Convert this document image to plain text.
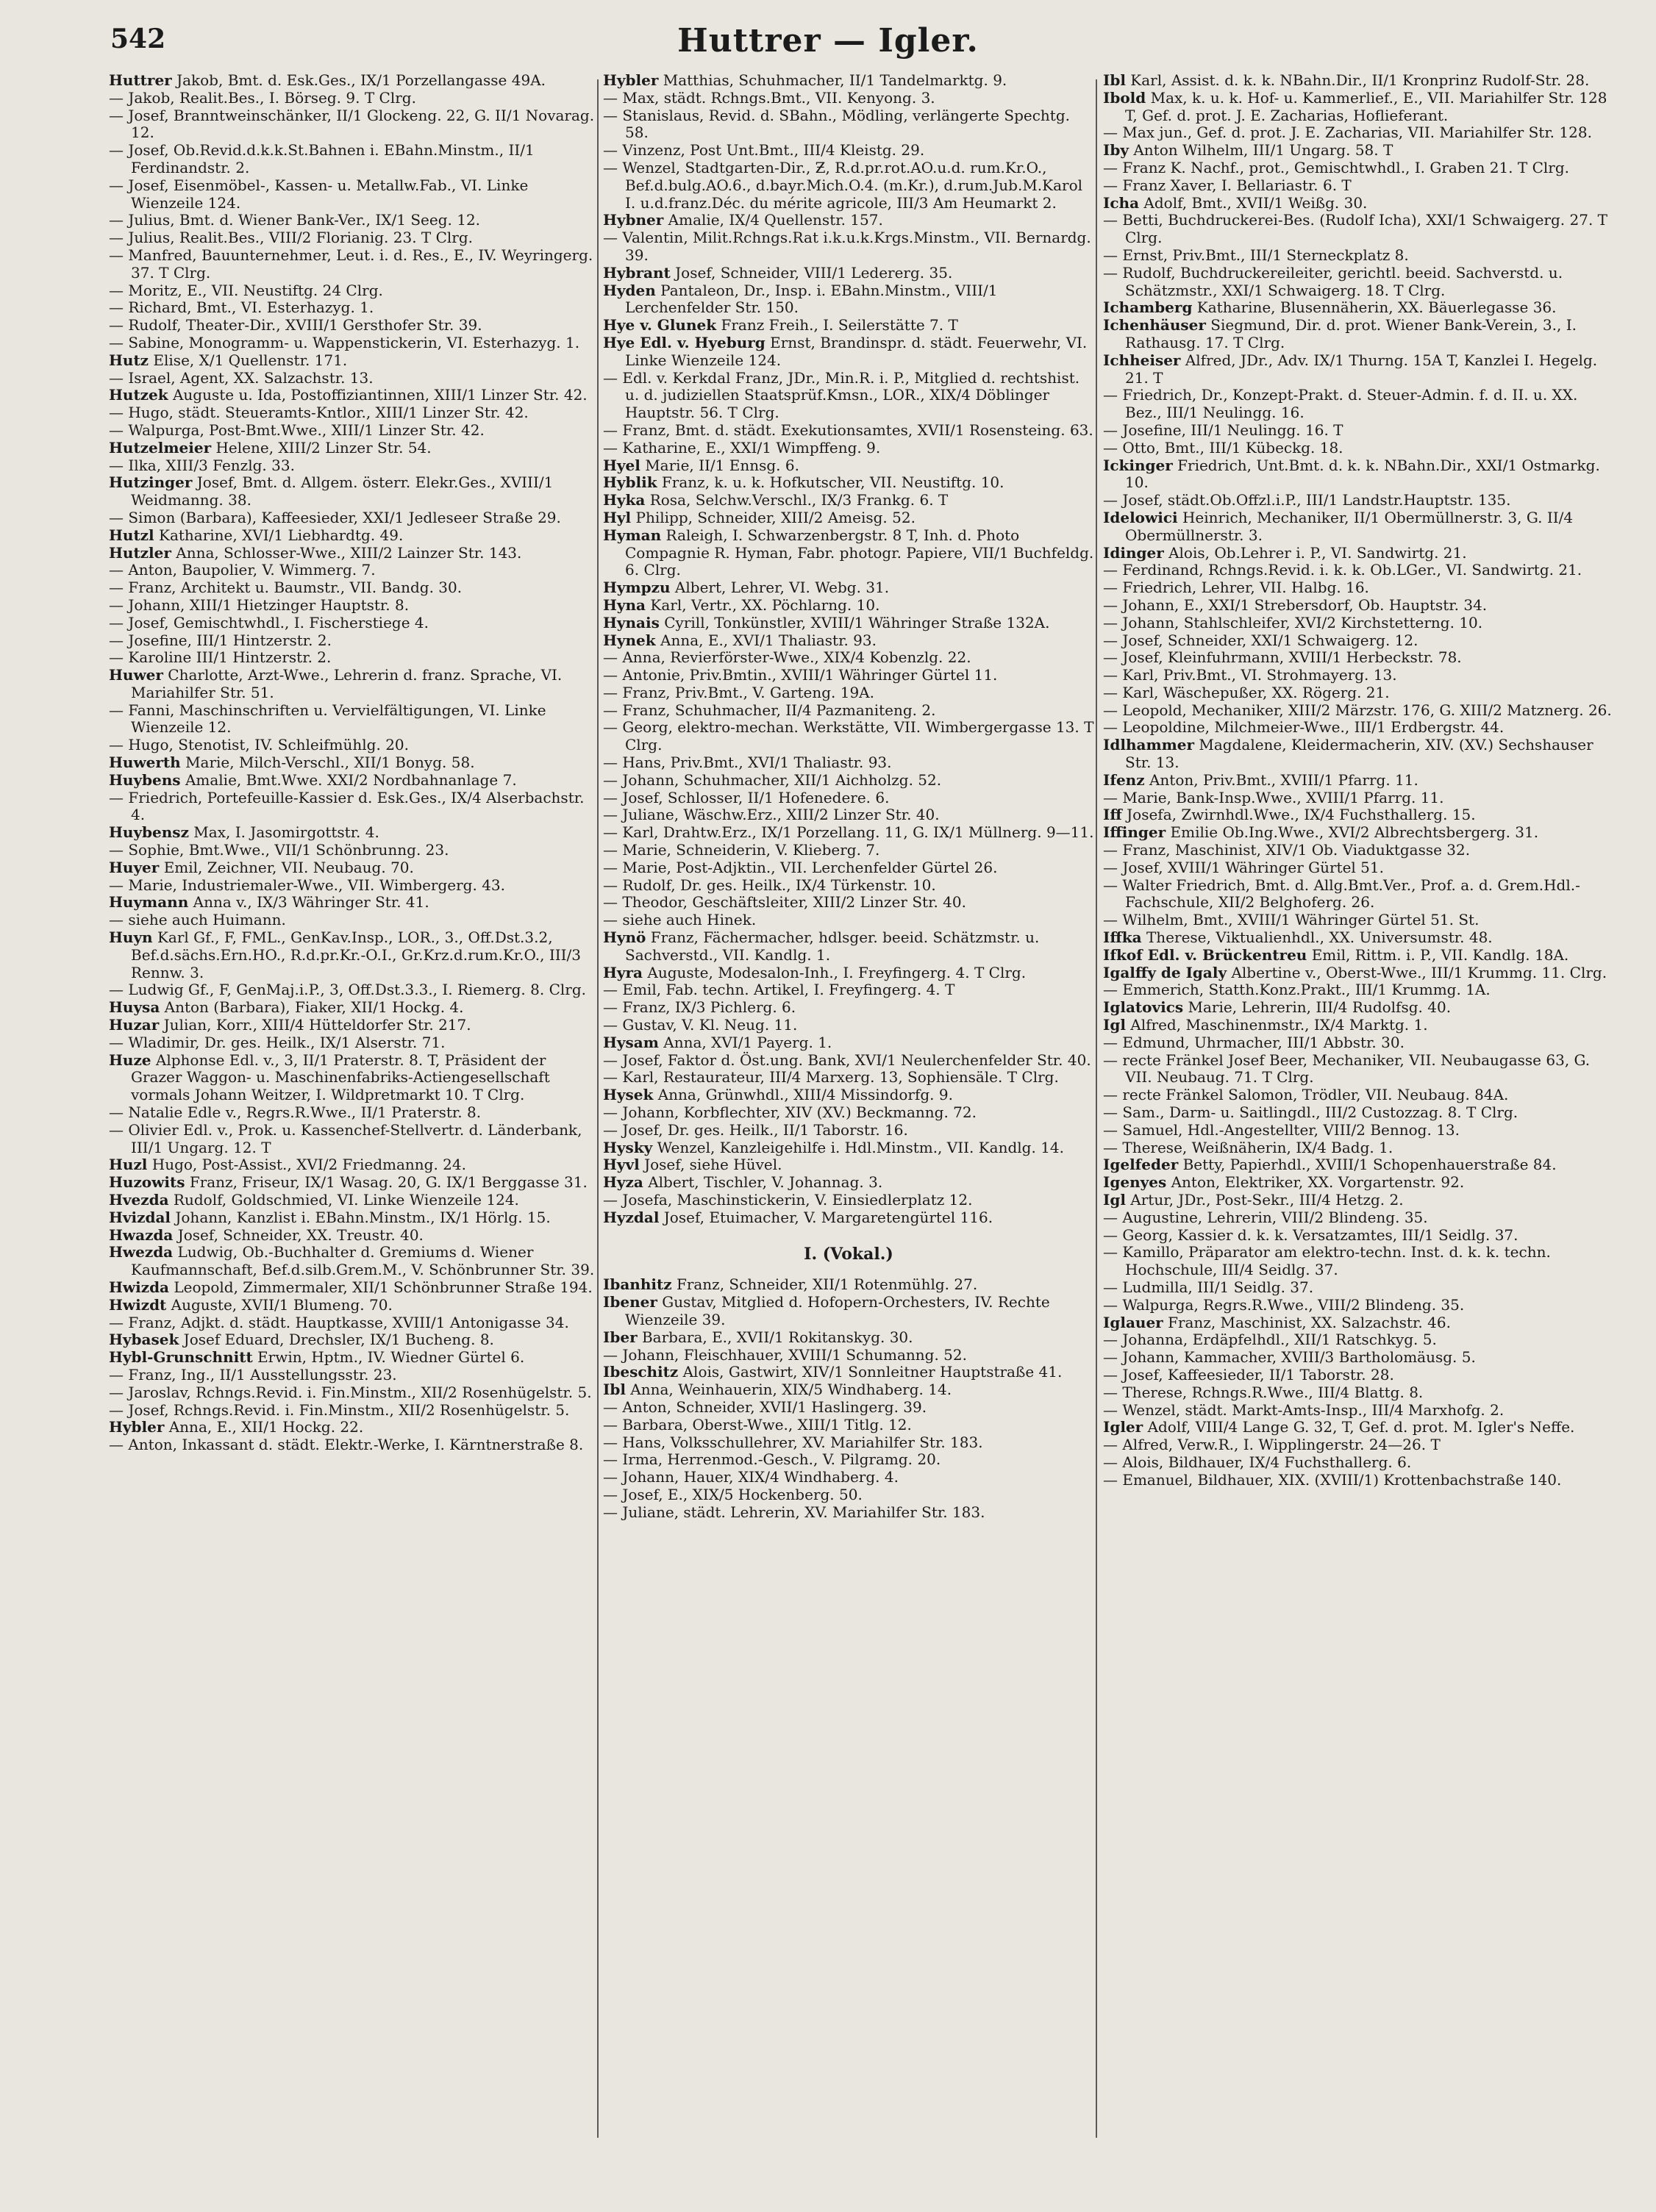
542	Huttrer — Igler.

Huttrer Jakob, Bmt. d. Esk.Ges., IX/1 Porzellangasse 49A.

— Jakob, Realit.Bes., I. Börseg. 9. T Clrg.

— Josef, Branntweinschänker, II/1 Glockeng. 22, G. II/1 Novarag. 12.

— Josef, Ob.Revid.d.k.k.St.Bahnen i. EBahn.Minstm., II/1 Ferdinandstr. 2.

— Josef, Eisenmöbel-, Kassen- u. Metallw.Fab., VI. Linke Wienzeile 124.

— Julius, Bmt. d. Wiener Bank-Ver., IX/1 Seeg. 12.

— Julius, Realit.Bes., VIII/2 Florianig. 23. T Clrg.

— Manfred, Bauunternehmer, Leut. i. d. Res., E., IV. Weyringerg. 37. T Clrg.

— Moritz, E., VII. Neustiftg. 24 Clrg.

— Richard, Bmt., VI. Esterhazyg. 1.

— Rudolf, Theater-Dir., XVIII/1 Gersthofer Str. 39.

— Sabine, Monogramm- u. Wappenstickerin, VI. Esterhazyg. 1.

Hutz Elise, X/1 Quellenstr. 171.

— Israel, Agent, XX. Salzachstr. 13.

Hutzek Auguste u. Ida, Postoffiziantinnen, XIII/1 Linzer Str. 42.

— Hugo, städt. Steueramts-Kntlor., XIII/1 Linzer Str. 42.

— Walpurga, Post-Bmt.Wwe., XIII/1 Linzer Str. 42.

Hutzelmeier Helene, XIII/2 Linzer Str. 54.

— Ilka, XIII/3 Fenzlg. 33.

Hutzinger Josef, Bmt. d. Allgem. österr. Elekr.Ges., XVIII/1 Weidmanng. 38.

— Simon (Barbara), Kaffeesieder, XXI/1 Jedleseer Straße 29.

Hutzl Katharine, XVI/1 Liebhardtg. 49.

Hutzler Anna, Schlosser-Wwe., XIII/2 Lainzer Str. 143.

— Anton, Baupolier, V. Wimmerg. 7.

— Franz, Architekt u. Baumstr., VII. Bandg. 30.

— Johann, XIII/1 Hietzinger Hauptstr. 8.

— Josef, Gemischtwhdl., I. Fischerstiege 4.

— Josefine, III/1 Hintzerstr. 2.

— Karoline III/1 Hintzerstr. 2.

Huwer Charlotte, Arzt-Wwe., Lehrerin d. franz. Sprache, VI. Mariahilfer Str. 51.

— Fanni, Maschinschriften u. Vervielfältigungen, VI. Linke Wienzeile 12.

— Hugo, Stenotist, IV. Schleifmühlg. 20.

Huwerth Marie, Milch-Verschl., XII/1 Bonyg. 58.

Huybens Amalie, Bmt.Wwe. XXI/2 Nordbahnanlage 7.

— Friedrich, Portefeuille-Kassier d. Esk.Ges., IX/4 Alserbachstr. 4.

Huybensz Max, I. Jasomirgottstr. 4.

— Sophie, Bmt.Wwe., VII/1 Schönbrunng. 23.

Huyer Emil, Zeichner, VII. Neubaug. 70.

— Marie, Industriemaler-Wwe., VII. Wimbergerg. 43.

Huymann Anna v., IX/3 Währinger Str. 41.

— siehe auch Huimann.

Huyn Karl Gf., F, FML., GenKav.Insp., LOR., 3., Off.Dst.3.2, Bef.d.sächs.Ern.HO., R.d.pr.Kr.-O.I., Gr.Krz.d.rum.Kr.O., III/3 Rennw. 3.

— Ludwig Gf., F, GenMaj.i.P., 3, Off.Dst.3.3., I. Riemerg. 8. Clrg.

Huysa Anton (Barbara), Fiaker, XII/1 Hockg. 4.

Huzar Julian, Korr., XIII/4 Hütteldorfer Str. 217.

— Wladimir, Dr. ges. Heilk., IX/1 Alserstr. 71.

Huze Alphonse Edl. v., 3, II/1 Praterstr. 8. T, Präsident der Grazer Waggon- u. Maschinenfabriks-Actiengesellschaft vormals Johann Weitzer, I. Wildpretmarkt 10. T Clrg.

— Natalie Edle v., Regrs.R.Wwe., II/1 Praterstr. 8.

— Olivier Edl. v., Prok. u. Kassenchef-Stellvertr. d. Länderbank, III/1 Ungarg. 12. T

Huzl Hugo, Post-Assist., XVI/2 Friedmanng. 24.

Huzowits Franz, Friseur, IX/1 Wasag. 20, G. IX/1 Berggasse 31.

Hvezda Rudolf, Goldschmied, VI. Linke Wienzeile 124.

Hvizdal Johann, Kanzlist i. EBahn.Minstm., IX/1 Hörlg. 15.

Hwazda Josef, Schneider, XX. Treustr. 40.

Hwezda Ludwig, Ob.-Buchhalter d. Gremiums d. Wiener Kaufmannschaft, Bef.d.silb.Grem.M., V. Schönbrunner Str. 39.

Hwizda Leopold, Zimmermaler, XII/1 Schönbrunner Straße 194.

Hwizdt Auguste, XVII/1 Blumeng. 70.

— Franz, Adjkt. d. städt. Hauptkasse, XVIII/1 Antonigasse 34.

Hybasek Josef Eduard, Drechsler, IX/1 Bucheng. 8.

Hybl-Grunschnitt Erwin, Hptm., IV. Wiedner Gürtel 6.

— Franz, Ing., II/1 Ausstellungsstr. 23.

— Jaroslav, Rchngs.Revid. i. Fin.Minstm., XII/2 Rosenhügelstr. 5.

— Josef, Rchngs.Revid. i. Fin.Minstm., XII/2 Rosenhügelstr. 5.

Hybler Anna, E., XII/1 Hockg. 22.

— Anton, Inkassant d. städt. Elektr.-Werke, I. Kärntnerstraße 8.

Hybler Matthias, Schuhmacher, II/1 Tandelmarktg. 9.

— Max, städt. Rchngs.Bmt., VII. Kenyong. 3.

— Stanislaus, Revid. d. SBahn., Mödling, verlängerte Spechtg. 58.

— Vinzenz, Post Unt.Bmt., III/4 Kleistg. 29.

— Wenzel, Stadtgarten-Dir., Ƶ, R.d.pr.rot.AO.u.d. rum.Kr.O., Bef.d.bulg.AO.6., d.bayr.Mich.O.4. (m.Kr.), d.rum.Jub.M.Karol I. u.d.franz.Déc. du mérite agricole, III/3 Am Heumarkt 2.

Hybner Amalie, IX/4 Quellenstr. 157.

— Valentin, Milit.Rchngs.Rat i.k.u.k.Krgs.Minstm., VII. Bernardg. 39.

Hybrant Josef, Schneider, VIII/1 Ledererg. 35.

Hyden Pantaleon, Dr., Insp. i. EBahn.Minstm., VIII/1 Lerchenfelder Str. 150.

Hye v. Glunek Franz Freih., I. Seilerstätte 7. T

Hye Edl. v. Hyeburg Ernst, Brandinspr. d. städt. Feuerwehr, VI. Linke Wienzeile 124.

— Edl. v. Kerkdal Franz, JDr., Min.R. i. P., Mitglied d. rechtshist. u. d. judiziellen Staatsprüf.Kmsn., LOR., XIX/4 Döblinger Hauptstr. 56. T Clrg.

— Franz, Bmt. d. städt. Exekutionsamtes, XVII/1 Rosensteing. 63.

— Katharine, E., XXI/1 Wimpffeng. 9.

Hyel Marie, II/1 Ennsg. 6.

Hyblik Franz, k. u. k. Hofkutscher, VII. Neustiftg. 10.

Hyka Rosa, Selchw.Verschl., IX/3 Frankg. 6. T

Hyl Philipp, Schneider, XIII/2 Ameisg. 52.

Hyman Raleigh, I. Schwarzenbergstr. 8 T, Inh. d. Photo Compagnie R. Hyman, Fabr. photogr. Papiere, VII/1 Buchfeldg. 6. Clrg.

Hympzu Albert, Lehrer, VI. Webg. 31.

Hyna Karl, Vertr., XX. Pöchlarng. 10.

Hynais Cyrill, Tonkünstler, XVIII/1 Währinger Straße 132A.

Hynek Anna, E., XVI/1 Thaliastr. 93.

— Anna, Revierförster-Wwe., XIX/4 Kobenzlg. 22.

— Antonie, Priv.Bmtin., XVIII/1 Währinger Gürtel 11.

— Franz, Priv.Bmt., V. Garteng. 19A.

— Franz, Schuhmacher, II/4 Pazmaniteng. 2.

— Georg, elektro-mechan. Werkstätte, VII. Wimbergergasse 13. T Clrg.

— Hans, Priv.Bmt., XVI/1 Thaliastr. 93.

— Johann, Schuhmacher, XII/1 Aichholzg. 52.

— Josef, Schlosser, II/1 Hofenedere. 6.

— Juliane, Wäschw.Erz., XIII/2 Linzer Str. 40.

— Karl, Drahtw.Erz., IX/1 Porzellang. 11, G. IX/1 Müllnerg. 9—11.

— Marie, Schneiderin, V. Klieberg. 7.

— Marie, Post-Adjktin., VII. Lerchenfelder Gürtel 26.

— Rudolf, Dr. ges. Heilk., IX/4 Türkenstr. 10.

— Theodor, Geschäftsleiter, XIII/2 Linzer Str. 40.

— siehe auch Hinek.

Hynö Franz, Fächermacher, hdlsger. beeid. Schätzmstr. u. Sachverstd., VII. Kandlg. 1.

Hyra Auguste, Modesalon-Inh., I. Freyfingerg. 4. T Clrg.

— Emil, Fab. techn. Artikel, I. Freyfingerg. 4. T

— Franz, IX/3 Pichlerg. 6.

— Gustav, V. Kl. Neug. 11.

Hysam Anna, XVI/1 Payerg. 1.

— Josef, Faktor d. Öst.ung. Bank, XVI/1 Neulerchenfelder Str. 40.

— Karl, Restaurateur, III/4 Marxerg. 13, Sophiensäle. T Clrg.

Hysek Anna, Grünwhdl., XIII/4 Missindorfg. 9.

— Johann, Korbflechter, XIV (XV.) Beckmanng. 72.

— Josef, Dr. ges. Heilk., II/1 Taborstr. 16.

Hysky Wenzel, Kanzleigehilfe i. Hdl.Minstm., VII. Kandlg. 14.

Hyvl Josef, siehe Hüvel.

Hyza Albert, Tischler, V. Johannag. 3.

— Josefa, Maschinstickerin, V. Einsiedlerplatz 12.

Hyzdal Josef, Etuimacher, V. Margaretengürtel 116.

I. (Vokal.)

Ibanhitz Franz, Schneider, XII/1 Rotenmühlg. 27.

Ibener Gustav, Mitglied d. Hofopern-Orchesters, IV. Rechte Wienzeile 39.

Iber Barbara, E., XVII/1 Rokitanskyg. 30.

— Johann, Fleischhauer, XVIII/1 Schumanng. 52.

Ibeschitz Alois, Gastwirt, XIV/1 Sonnleitner Hauptstraße 41.

Ibl Anna, Weinhauerin, XIX/5 Windhaberg. 14.

— Anton, Schneider, XVII/1 Haslingerg. 39.

— Barbara, Oberst-Wwe., XIII/1 Titlg. 12.

— Hans, Volksschullehrer, XV. Mariahilfer Str. 183.

— Irma, Herrenmod.-Gesch., V. Pilgramg. 20.

— Johann, Hauer, XIX/4 Windhaberg. 4.

— Josef, E., XIX/5 Hockenberg. 50.

— Juliane, städt. Lehrerin, XV. Mariahilfer Str. 183.

Ibl Karl, Assist. d. k. k. NBahn.Dir., II/1 Kronprinz Rudolf-Str. 28.

Ibold Max, k. u. k. Hof- u. Kammerlief., E., VII. Mariahilfer Str. 128 T, Gef. d. prot. J. E. Zacharias, Hoflieferant.

— Max jun., Gef. d. prot. J. E. Zacharias, VII. Mariahilfer Str. 128.

Iby Anton Wilhelm, III/1 Ungarg. 58. T

— Franz K. Nachf., prot., Gemischtwhdl., I. Graben 21. T Clrg.

— Franz Xaver, I. Bellariastr. 6. T

Icha Adolf, Bmt., XVII/1 Weißg. 30.

— Betti, Buchdruckerei-Bes. (Rudolf Icha), XXI/1 Schwaigerg. 27. T Clrg.

— Ernst, Priv.Bmt., III/1 Sterneckplatz 8.

— Rudolf, Buchdruckereileiter, gerichtl. beeid. Sachverstd. u. Schätzmstr., XXI/1 Schwaigerg. 18. T Clrg.

Ichamberg Katharine, Blusennäherin, XX. Bäuerlegasse 36.

Ichenhäuser Siegmund, Dir. d. prot. Wiener Bank-Verein, 3., I. Rathausg. 17. T Clrg.

Ichheiser Alfred, JDr., Adv. IX/1 Thurng. 15A T, Kanzlei I. Hegelg. 21. T

— Friedrich, Dr., Konzept-Prakt. d. Steuer-Admin. f. d. II. u. XX. Bez., III/1 Neulingg. 16.

— Josefine, III/1 Neulingg. 16. T

— Otto, Bmt., III/1 Kübeckg. 18.

Ickinger Friedrich, Unt.Bmt. d. k. k. NBahn.Dir., XXI/1 Ostmarkg. 10.

— Josef, städt.Ob.Offzl.i.P., III/1 Landstr.Hauptstr. 135.

Idelowici Heinrich, Mechaniker, II/1 Obermüllnerstr. 3, G. II/4 Obermüllnerstr. 3.

Idinger Alois, Ob.Lehrer i. P., VI. Sandwirtg. 21.

— Ferdinand, Rchngs.Revid. i. k. k. Ob.LGer., VI. Sandwirtg. 21.

— Friedrich, Lehrer, VII. Halbg. 16.

— Johann, E., XXI/1 Strebersdorf, Ob. Hauptstr. 34.

— Johann, Stahlschleifer, XVI/2 Kirchstetterng. 10.

— Josef, Schneider, XXI/1 Schwaigerg. 12.

— Josef, Kleinfuhrmann, XVIII/1 Herbeckstr. 78.

— Karl, Priv.Bmt., VI. Strohmayerg. 13.

— Karl, Wäschepußer, XX. Rögerg. 21.

— Leopold, Mechaniker, XIII/2 Märzstr. 176, G. XIII/2 Matznerg. 26.

— Leopoldine, Milchmeier-Wwe., III/1 Erdbergstr. 44.

Idlhammer Magdalene, Kleidermacherin, XIV. (XV.) Sechshauser Str. 13.

Ifenz Anton, Priv.Bmt., XVIII/1 Pfarrg. 11.

— Marie, Bank-Insp.Wwe., XVIII/1 Pfarrg. 11.

Iff Josefa, Zwirnhdl.Wwe., IX/4 Fuchsthallerg. 15.

Iffinger Emilie Ob.Ing.Wwe., XVI/2 Albrechtsbergerg. 31.

— Franz, Maschinist, XIV/1 Ob. Viaduktgasse 32.

— Josef, XVIII/1 Währinger Gürtel 51.

— Walter Friedrich, Bmt. d. Allg.Bmt.Ver., Prof. a. d. Grem.Hdl.-Fachschule, XII/2 Belghoferg. 26.

— Wilhelm, Bmt., XVIII/1 Währinger Gürtel 51. St.

Iffka Therese, Viktualienhdl., XX. Universumstr. 48.

Ifkof Edl. v. Brückentreu Emil, Rittm. i. P., VII. Kandlg. 18A.

Igalffy de Igaly Albertine v., Oberst-Wwe., III/1 Krummg. 11. Clrg.

— Emmerich, Statth.Konz.Prakt., III/1 Krummg. 1A.

Iglatovics Marie, Lehrerin, III/4 Rudolfsg. 40.

Igl Alfred, Maschinenmstr., IX/4 Marktg. 1.

— Edmund, Uhrmacher, III/1 Abbstr. 30.

— recte Fränkel Josef Beer, Mechaniker, VII. Neubaugasse 63, G. VII. Neubaug. 71. T Clrg.

— recte Fränkel Salomon, Trödler, VII. Neubaug. 84A.

— Sam., Darm- u. Saitlingdl., III/2 Custozzag. 8. T Clrg.

— Samuel, Hdl.-Angestellter, VIII/2 Bennog. 13.

— Therese, Weißnäherin, IX/4 Badg. 1.

Igelfeder Betty, Papierhdl., XVIII/1 Schopenhauerstraße 84.

Igenyes Anton, Elektriker, XX. Vorgartenstr. 92.

Igl Artur, JDr., Post-Sekr., III/4 Hetzg. 2.

— Augustine, Lehrerin, VIII/2 Blindeng. 35.

— Georg, Kassier d. k. k. Versatzamtes, III/1 Seidlg. 37.

— Kamillo, Präparator am elektro-techn. Inst. d. k. k. techn. Hochschule, III/4 Seidlg. 37.

— Ludmilla, III/1 Seidlg. 37.

— Walpurga, Regrs.R.Wwe., VIII/2 Blindeng. 35.

Iglauer Franz, Maschinist, XX. Salzachstr. 46.

— Johanna, Erdäpfelhdl., XII/1 Ratschkyg. 5.

— Johann, Kammacher, XVIII/3 Bartholomäusg. 5.

— Josef, Kaffeesieder, II/1 Taborstr. 28.

— Therese, Rchngs.R.Wwe., III/4 Blattg. 8.

— Wenzel, städt. Markt-Amts-Insp., III/4 Marxhofg. 2.

Igler Adolf, VIII/4 Lange G. 32, T, Gef. d. prot. M. Igler's Neffe.

— Alfred, Verw.R., I. Wipplingerstr. 24—26. T

— Alois, Bildhauer, IX/4 Fuchsthallerg. 6.

— Emanuel, Bildhauer, XIX. (XVIII/1) Krottenbachstraße 140.
